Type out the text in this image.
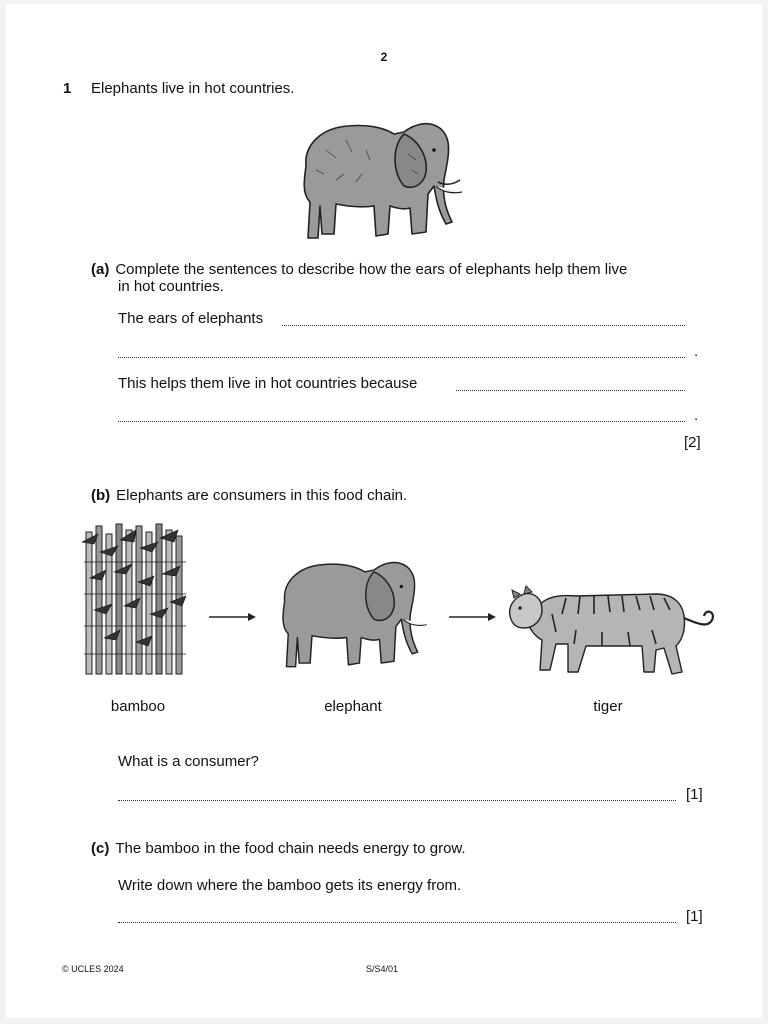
2
1 Elephants live in hot countries.
(a) Complete the sentences to describe how the ears of elephants help them live
in hot countries.
The ears of elephants
.
This helps them live in hot countries because
.
[2]
(b) Elephants are consumers in this food chain.
bamboo	elephant	tiger
What is a consumer?
[1]
(c) The bamboo in the food chain needs energy to grow.
Write down where the bamboo gets its energy from.
[1]
© UCLES 2024	S/S4/01
